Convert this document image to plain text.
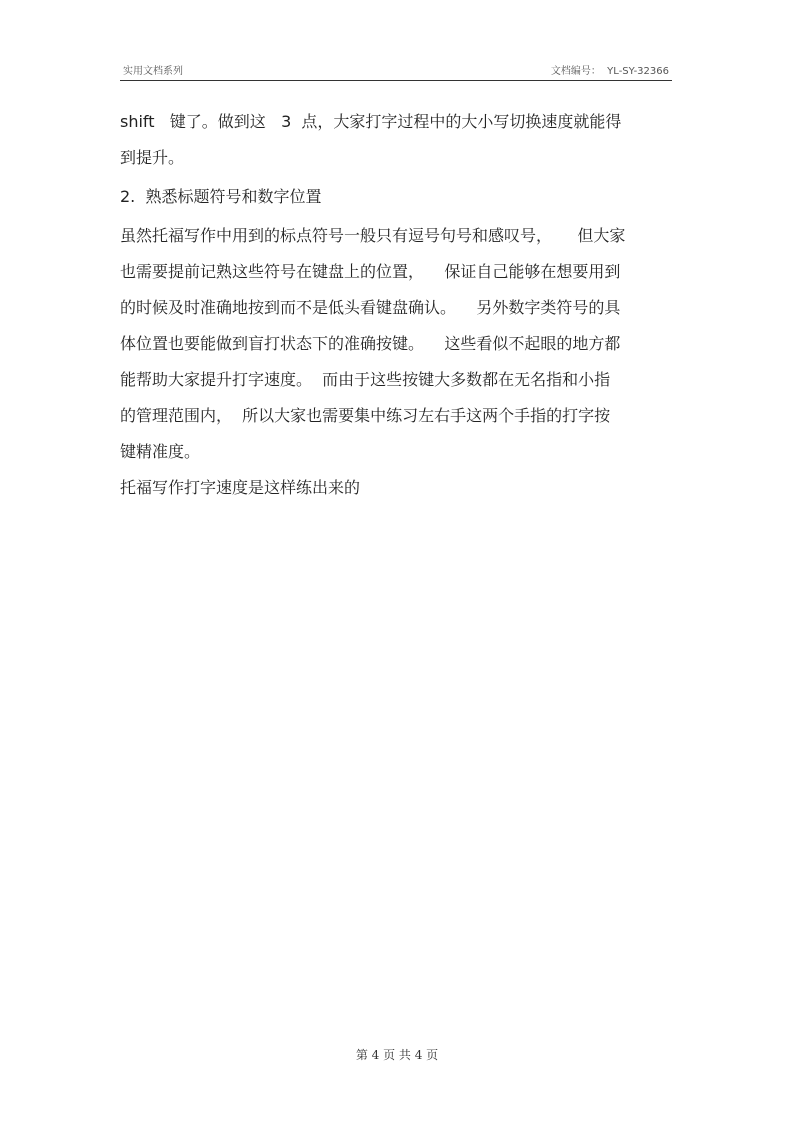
实用文档系列	文档编号：  YL-SY-32366
shift   键了。做到这   3  点，大家打字过程中的大小写切换速度就能得
到提升。
2.  熟悉标题符号和数字位置
虽然托福写作中用到的标点符号一般只有逗号句号和感叹号，     但大家
也需要提前记熟这些符号在键盘上的位置，    保证自己能够在想要用到
的时候及时准确地按到而不是低头看键盘确认。    另外数字类符号的具
体位置也要能做到盲打状态下的准确按键。    这些看似不起眼的地方都
能帮助大家提升打字速度。  而由于这些按键大多数都在无名指和小指
的管理范围内，  所以大家也需要集中练习左右手这两个手指的打字按
键精准度。
托福写作打字速度是这样练出来的
第 4 页 共 4 页
